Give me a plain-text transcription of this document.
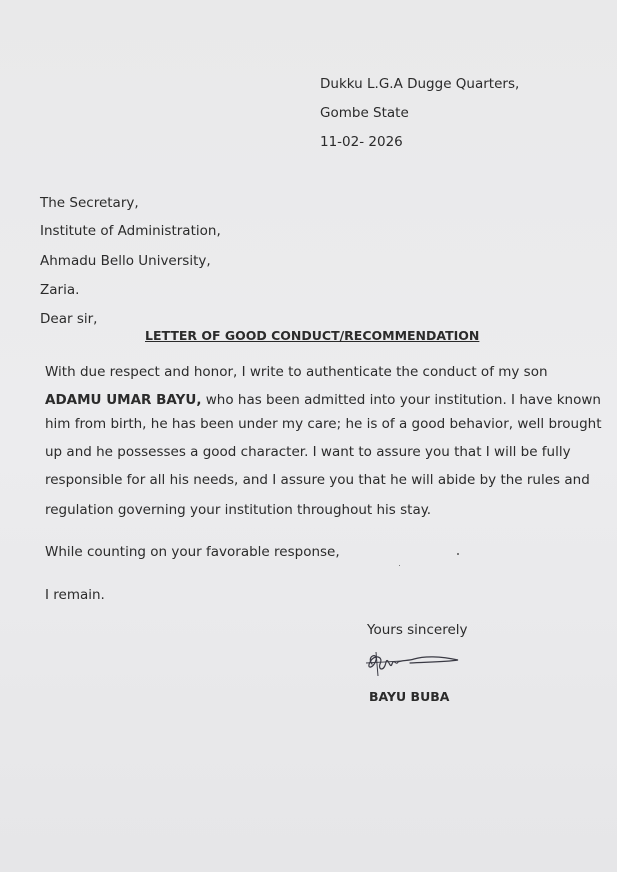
Dukku L.G.A Dugge Quarters,
Gombe State
11-02- 2026
The Secretary,
Institute of Administration,
Ahmadu Bello University,
Zaria.
Dear sir,
LETTER OF GOOD CONDUCT/RECOMMENDATION
With due respect and honor, I write to authenticate the conduct of my son
ADAMU UMAR BAYU, who has been admitted into your institution. I have known
him from birth, he has been under my care; he is of a good behavior, well brought
up and he possesses a good character. I want to assure you that I will be fully
responsible for all his needs, and I assure you that he will abide by the rules and
regulation governing your institution throughout his stay.
While counting on your favorable response,
I remain.
Yours sincerely
BAYU BUBA
